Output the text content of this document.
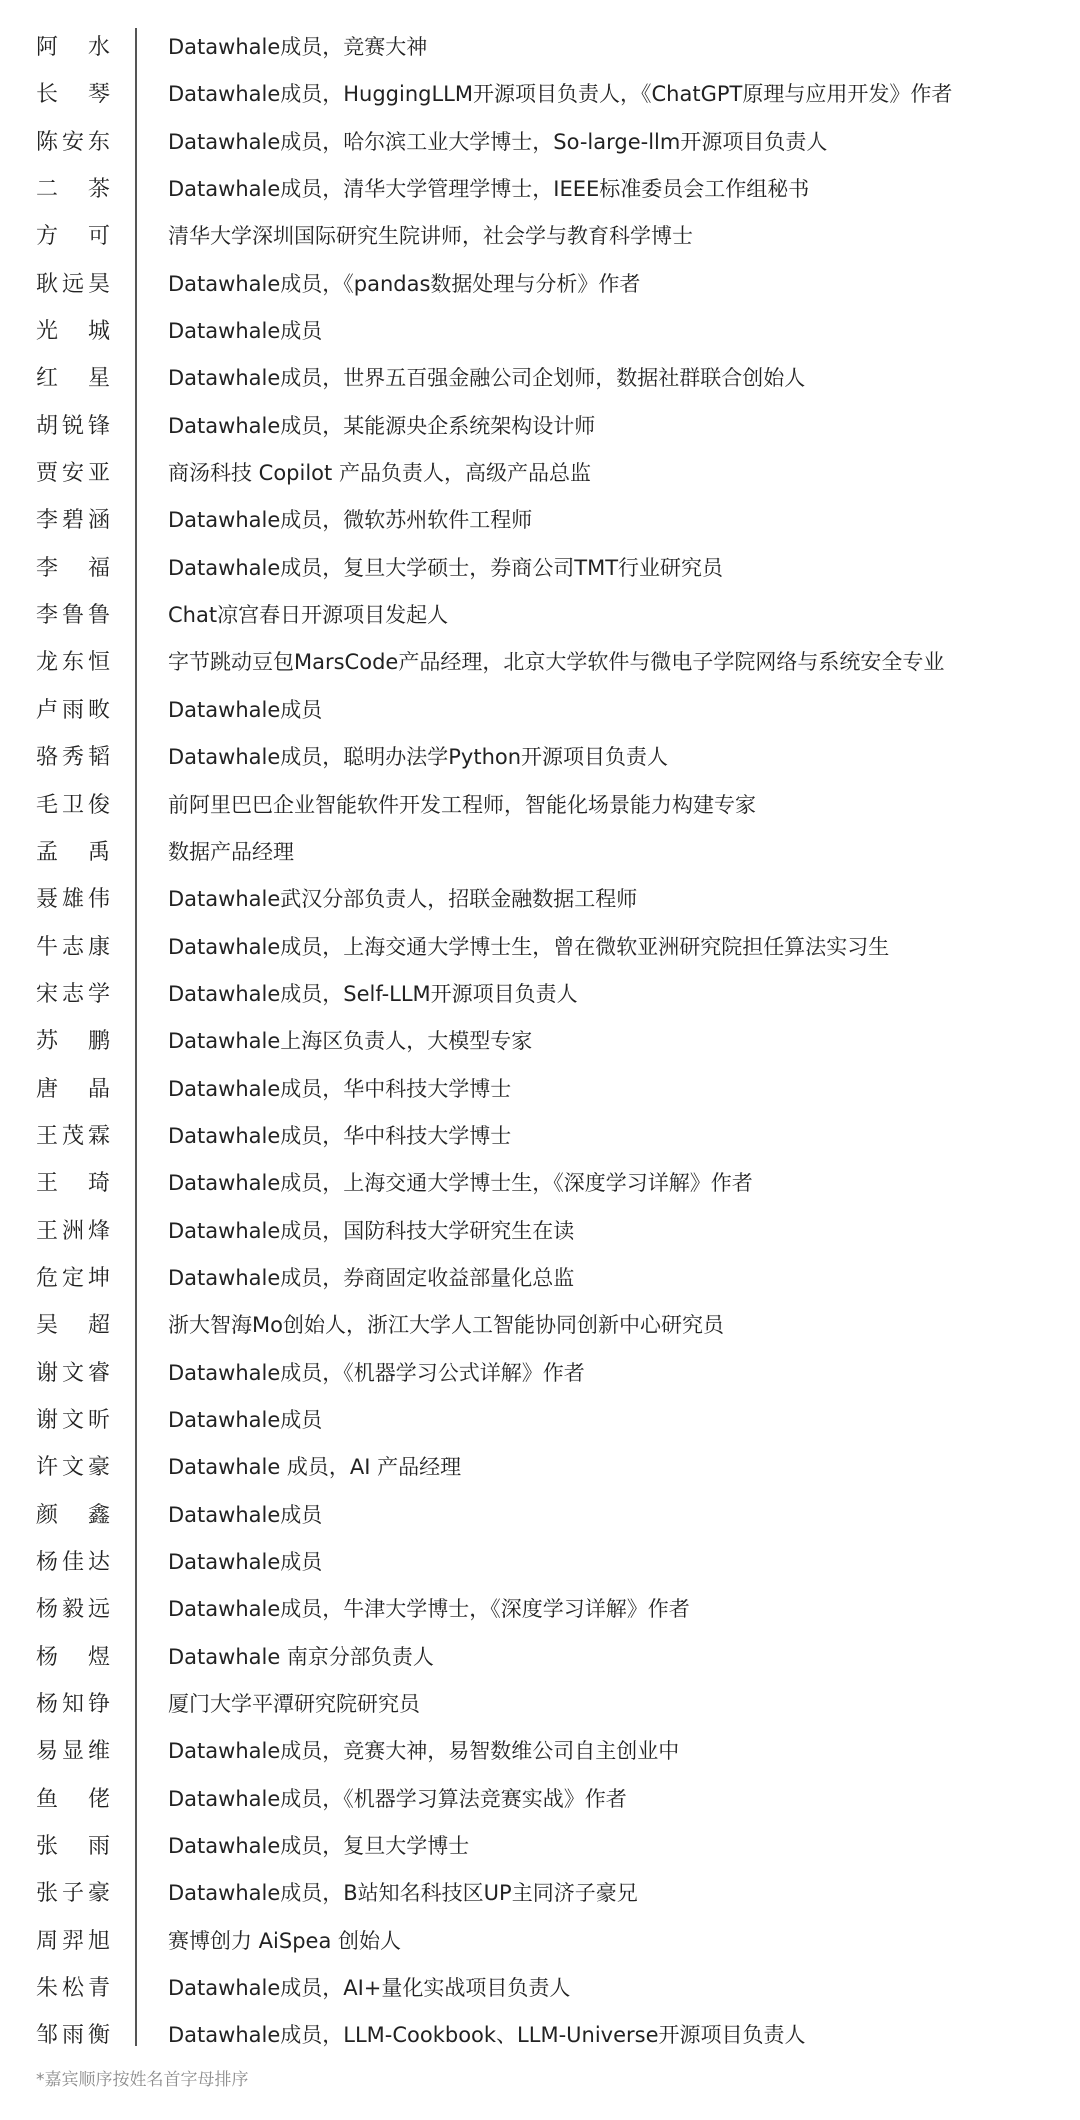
阿 水	Datawhale成员，竞赛大神
长 琴	Datawhale成员，HuggingLLM开源项目负责人，《ChatGPT原理与应用开发》作者
陈安东	Datawhale成员，哈尔滨工业大学博士，So-large-llm开源项目负责人
二 茶	Datawhale成员，清华大学管理学博士，IEEE标准委员会工作组秘书
方 可	清华大学深圳国际研究生院讲师，社会学与教育科学博士
耿远昊	Datawhale成员，《pandas数据处理与分析》作者
光 城	Datawhale成员
红 星	Datawhale成员，世界五百强金融公司企划师，数据社群联合创始人
胡锐锋	Datawhale成员，某能源央企系统架构设计师
贾安亚	商汤科技 Copilot 产品负责人，高级产品总监
李碧涵	Datawhale成员，微软苏州软件工程师
李 福	Datawhale成员，复旦大学硕士，券商公司TMT行业研究员
李鲁鲁	Chat凉宫春日开源项目发起人
龙东恒	字节跳动豆包MarsCode产品经理，北京大学软件与微电子学院网络与系统安全专业
卢雨畋	Datawhale成员
骆秀韬	Datawhale成员，聪明办法学Python开源项目负责人
毛卫俊	前阿里巴巴企业智能软件开发工程师，智能化场景能力构建专家
孟 禹	数据产品经理
聂雄伟	Datawhale武汉分部负责人，招联金融数据工程师
牛志康	Datawhale成员，上海交通大学博士生，曾在微软亚洲研究院担任算法实习生
宋志学	Datawhale成员，Self-LLM开源项目负责人
苏 鹏	Datawhale上海区负责人，大模型专家
唐 晶	Datawhale成员，华中科技大学博士
王茂霖	Datawhale成员，华中科技大学博士
王 琦	Datawhale成员，上海交通大学博士生，《深度学习详解》作者
王洲烽	Datawhale成员，国防科技大学研究生在读
危定坤	Datawhale成员，券商固定收益部量化总监
吴 超	浙大智海Mo创始人，浙江大学人工智能协同创新中心研究员
谢文睿	Datawhale成员，《机器学习公式详解》作者
谢文昕	Datawhale成员
许文豪	Datawhale 成员，AI 产品经理
颜 鑫	Datawhale成员
杨佳达	Datawhale成员
杨毅远	Datawhale成员，牛津大学博士，《深度学习详解》作者
杨 煜	Datawhale 南京分部负责人
杨知铮	厦门大学平潭研究院研究员
易显维	Datawhale成员，竞赛大神，易智数维公司自主创业中
鱼 佬	Datawhale成员，《机器学习算法竞赛实战》作者
张 雨	Datawhale成员，复旦大学博士
张子豪	Datawhale成员，B站知名科技区UP主同济子豪兄
周羿旭	赛博创力 AiSpea 创始人
朱松青	Datawhale成员，AI+量化实战项目负责人
邹雨衡	Datawhale成员，LLM-Cookbook、LLM-Universe开源项目负责人
*嘉宾顺序按姓名首字母排序
